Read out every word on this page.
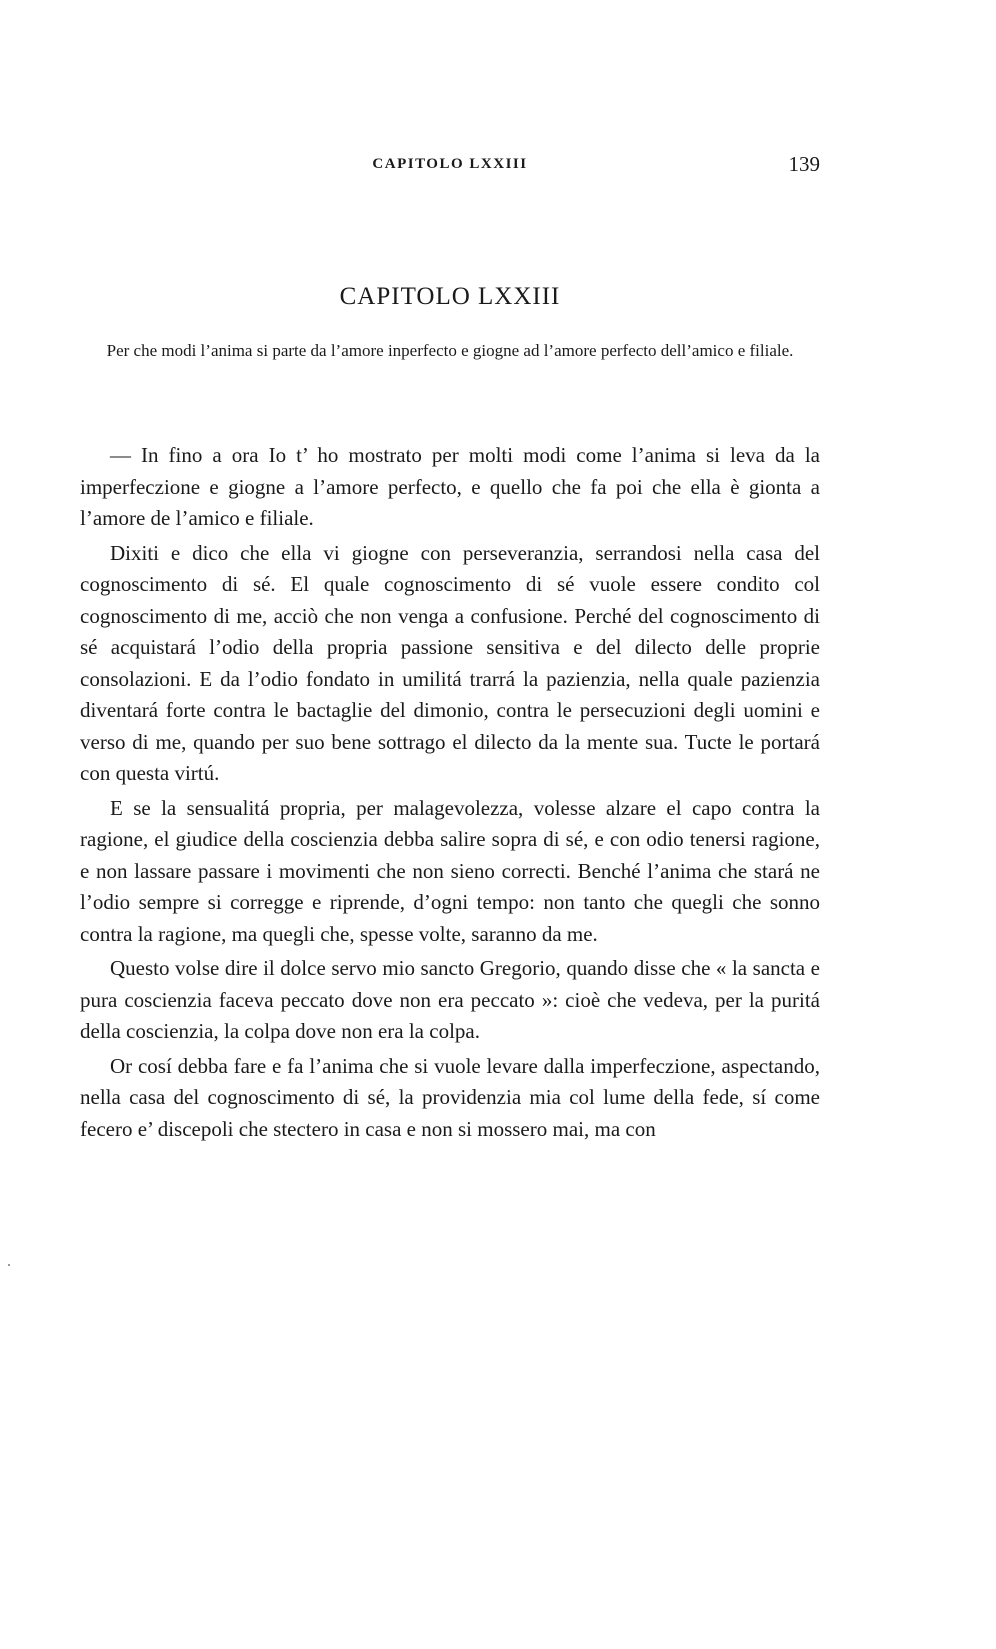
CAPITOLO LXXIII	139
CAPITOLO LXXIII
Per che modi l’anima si parte da l’amore inperfecto e giogne ad l’amore perfecto dell’amico e filiale.

— In fino a ora Io t’ ho mostrato per molti modi come l’anima si leva da la imperfeczione e giogne a l’amore perfecto, e quello che fa poi che ella è gionta a l’amore de l’amico e filiale.

Dixiti e dico che ella vi giogne con perseveranzia, serrandosi nella casa del cognoscimento di sé. El quale cognoscimento di sé vuole essere condito col cognoscimento di me, acciò che non venga a confusione. Perché del cognoscimento di sé acquistará l’odio della propria passione sensitiva e del dilecto delle proprie consolazioni. E da l’odio fondato in umilitá trarrá la pazienzia, nella quale pazienzia diventará forte contra le bactaglie del dimonio, contra le persecuzioni degli uomini e verso di me, quando per suo bene sottrago el dilecto da la mente sua. Tucte le portará con questa virtú.

E se la sensualitá propria, per malagevolezza, volesse alzare el capo contra la ragione, el giudice della coscienzia debba salire sopra di sé, e con odio tenersi ragione, e non lassare passare i movimenti che non sieno correcti. Benché l’anima che stará ne l’odio sempre si corregge e riprende, d’ogni tempo: non tanto che quegli che sonno contra la ragione, ma quegli che, spesse volte, saranno da me.

Questo volse dire il dolce servo mio sancto Gregorio, quando disse che « la sancta e pura coscienzia faceva peccato dove non era peccato »: cioè che vedeva, per la puritá della coscienzia, la colpa dove non era la colpa.

Or cosí debba fare e fa l’anima che si vuole levare dalla imperfeczione, aspectando, nella casa del cognoscimento di sé, la providenzia mia col lume della fede, sí come fecero e’ discepoli che stectero in casa e non si mossero mai, ma con
